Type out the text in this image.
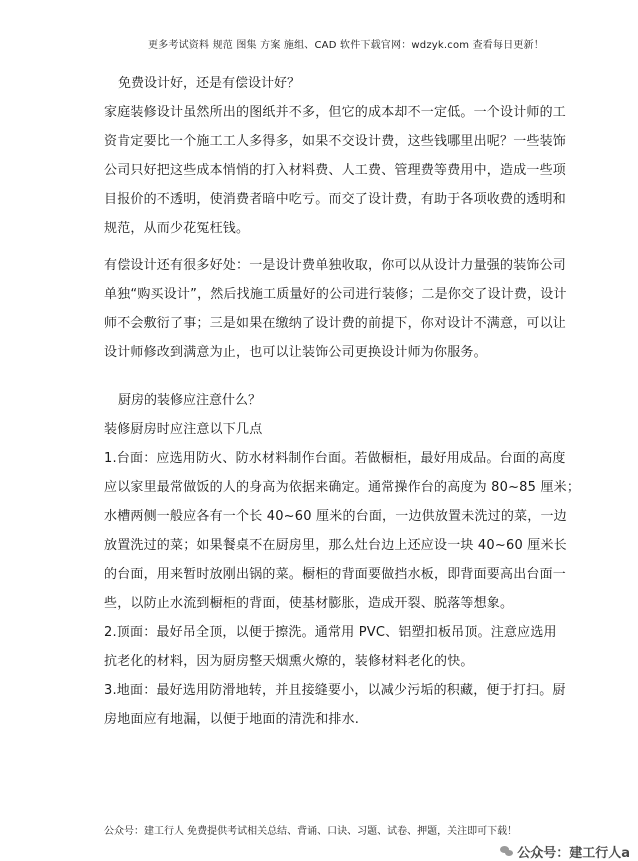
更多考试资料 规范 图集 方案 施组、CAD 软件下载官网：wdzyk.com 查看每日更新！

免费设计好，还是有偿设计好？

家庭装修设计虽然所出的图纸并不多，但它的成本却不一定低。一个设计师的工

资肯定要比一个施工工人多得多，如果不交设计费，这些钱哪里出呢？一些装饰

公司只好把这些成本悄悄的打入材料费、人工费、管理费等费用中，造成一些项

目报价的不透明，使消费者暗中吃亏。而交了设计费，有助于各项收费的透明和

规范，从而少花冤枉钱。

有偿设计还有很多好处：一是设计费单独收取，你可以从设计力量强的装饰公司

单独“购买设计”，然后找施工质量好的公司进行装修；二是你交了设计费，设计

师不会敷衍了事；三是如果在缴纳了设计费的前提下，你对设计不满意，可以让

设计师修改到满意为止，也可以让装饰公司更换设计师为你服务。

厨房的装修应注意什么？

装修厨房时应注意以下几点

1.台面：应选用防火、防水材料制作台面。若做橱柜，最好用成品。台面的高度

应以家里最常做饭的人的身高为依据来确定。通常操作台的高度为 80~85 厘米；

水槽两侧一般应各有一个长 40~60 厘米的台面，一边供放置未洗过的菜，一边

放置洗过的菜；如果餐桌不在厨房里，那么灶台边上还应设一块 40~60 厘米长

的台面，用来暂时放刚出锅的菜。橱柜的背面要做挡水板，即背面要高出台面一

些，以防止水流到橱柜的背面，使基材膨胀，造成开裂、脱落等想象。

2.顶面：最好吊全顶，以便于擦洗。通常用 PVC、铝塑扣板吊顶。注意应选用

抗老化的材料，因为厨房整天烟熏火燎的，装修材料老化的快。

3.地面：最好选用防滑地转，并且接缝要小，以减少污垢的积藏，便于打扫。厨

房地面应有地漏，以便于地面的清洗和排水.

公众号：建工行人 免费提供考试相关总结、背诵、口诀、习题、试卷、押题，关注即可下载！
公众号：建工行人a
